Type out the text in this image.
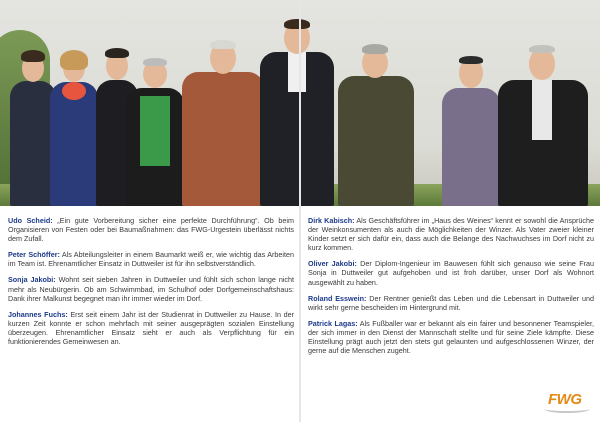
Udo Scheid: „Ein gute Vorbereitung sicher eine perfekte Durchführung“. Ob beim Organisieren von Festen oder bei Baumaßnahmen: das FWG-Urgestein überlässt nichts dem Zufall.

Peter Schöffer: Als Abteilungsleiter in einem Baumarkt weiß er, wie wichtig das Arbeiten im Team ist. Ehrenamtlicher Einsatz in Duttweiler ist für ihn selbstverständlich.

Sonja Jakobi: Wohnt seit sieben Jahren in Duttweiler und fühlt sich schon lange nicht mehr als Neubürgerin. Ob am Schwimmbad, im Schulhof oder Dorfgemeinschaftshaus: Dank ihrer Malkunst begegnet man ihr immer wieder im Dorf.

Johannes Fuchs: Erst seit einem Jahr ist der Studienrat in Duttweiler zu Hause. In der kurzen Zeit konnte er schon mehrfach mit seiner ausgeprägten sozialen Einstellung überzeugen. Ehrenamtlicher Einsatz sieht er auch als Verpflichtung für ein funktionierendes Gemeinwesen an.

Dirk Kabisch: Als Geschäftsführer im „Haus des Weines“ kennt er sowohl die Ansprüche der Weinkonsumenten als auch die Möglichkeiten der Winzer. Als Vater zweier kleiner Kinder setzt er sich dafür ein, dass auch die Belange des Nachwuchses im Dorf nicht zu kurz kommen.

Oliver Jakobi: Der Diplom-Ingenieur im Bauwesen fühlt sich genauso wie seine Frau Sonja in Duttweiler gut aufgehoben und ist froh darüber, unser Dorf als Wohnort ausgewählt zu haben.

Roland Esswein: Der Rentner genießt das Leben und die Lebensart in Duttweiler und wirkt sehr gerne bescheiden im Hintergrund mit.

Patrick Lagas: Als Fußballer war er bekannt als ein fairer und besonnener Teamspieler, der sich immer in den Dienst der Mannschaft stellte und für seine Ziele kämpfte. Diese Einstellung prägt auch jetzt den stets gut gelaunten und aufgeschlossenen Winzer, der gerne auf die Menschen zugeht.

FWG
